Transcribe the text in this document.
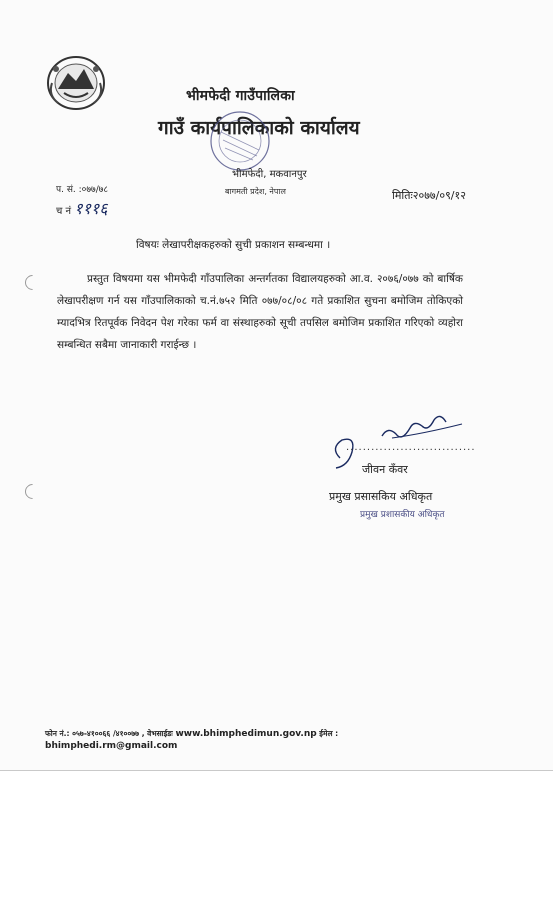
भीमफेदी गाउँपालिका
गाउँ कार्यपालिकाको कार्यालय
भीमफेदी, मकवानपुर
बागमती प्रदेश, नेपाल
प. सं. :०७७/७८
च नं १११६
मितिः२०७७/०९/१२
विषयः लेखापरीक्षकहरुको सुची प्रकाशन सम्बन्धमा ।
प्रस्तुत विषयमा यस भीमफेदी गाँउपालिका अन्तर्गतका विद्यालयहरुको आ.व. २०७६/०७७ को बार्षिक लेखापरीक्षण गर्न यस गाँउपालिकाको च.नं.७५२ मिति ०७७/०८/०८ गते प्रकाशित सुचना बमोजिम तोकिएको म्यादभित्र रितपूर्वक निवेदन पेश गरेका फर्म वा संस्थाहरुको सूची तपसिल बमोजिम प्रकाशित गरिएको व्यहोरा सम्बन्धित सबैमा जानाकारी गराईन्छ ।
...............................
जीवन कँवर
प्रमुख प्रसासकिय अधिकृत
प्रमुख प्रशासकीय अधिकृत
फोन नं.: ०५७-४१००६६ /४१००७७ , वेभसाईडः www.bhimphedimun.gov.np ईमेल :
bhimphedi.rm@gmail.com
